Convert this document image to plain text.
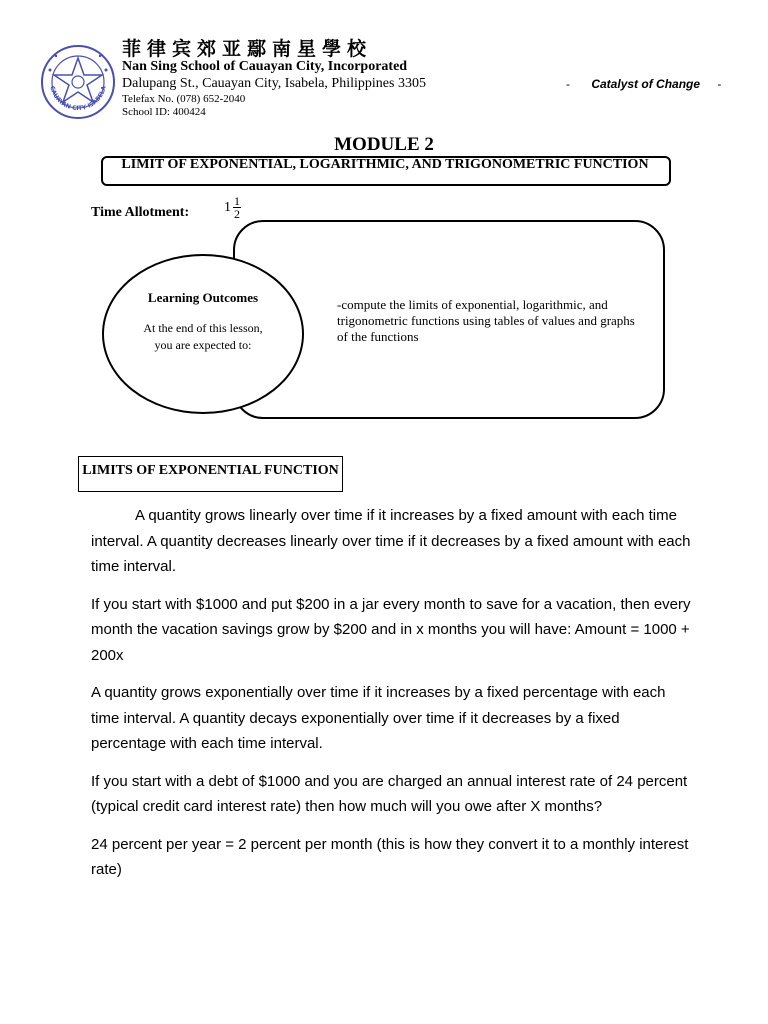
CAUAYAN CITY ISABELA
菲律宾郊亚鄢南星學校
Nan Sing School of Cauayan City, Incorporated
Dalupang St., Cauayan City, Isabela, Philippines 3305
Telefax No. (078) 652-2040
School ID: 400424
- Catalyst of Change -
MODULE 2
LIMIT OF EXPONENTIAL, LOGARITHMIC, AND TRIGONOMETRIC FUNCTION
Time Allotment: $1 \frac{1}{2}$
Learning Outcomes
At the end of this lesson, you are expected to:
-compute the limits of exponential, logarithmic, and trigonometric functions using tables of values and graphs of the functions
LIMITS OF EXPONENTIAL FUNCTION

A quantity grows linearly over time if it increases by a fixed amount with each time interval. A quantity decreases linearly over time if it decreases by a fixed amount with each time interval.

If you start with $1000 and put $200 in a jar every month to save for a vacation, then every month the vacation savings grow by $200 and in x months you will have: Amount = 1000 + 200x

A quantity grows exponentially over time if it increases by a fixed percentage with each time interval. A quantity decays exponentially over time if it decreases by a fixed percentage with each time interval.

If you start with a debt of $1000 and you are charged an annual interest rate of 24 percent (typical credit card interest rate) then how much will you owe after X months?

24 percent per year = 2 percent per month (this is how they convert it to a monthly interest rate)
